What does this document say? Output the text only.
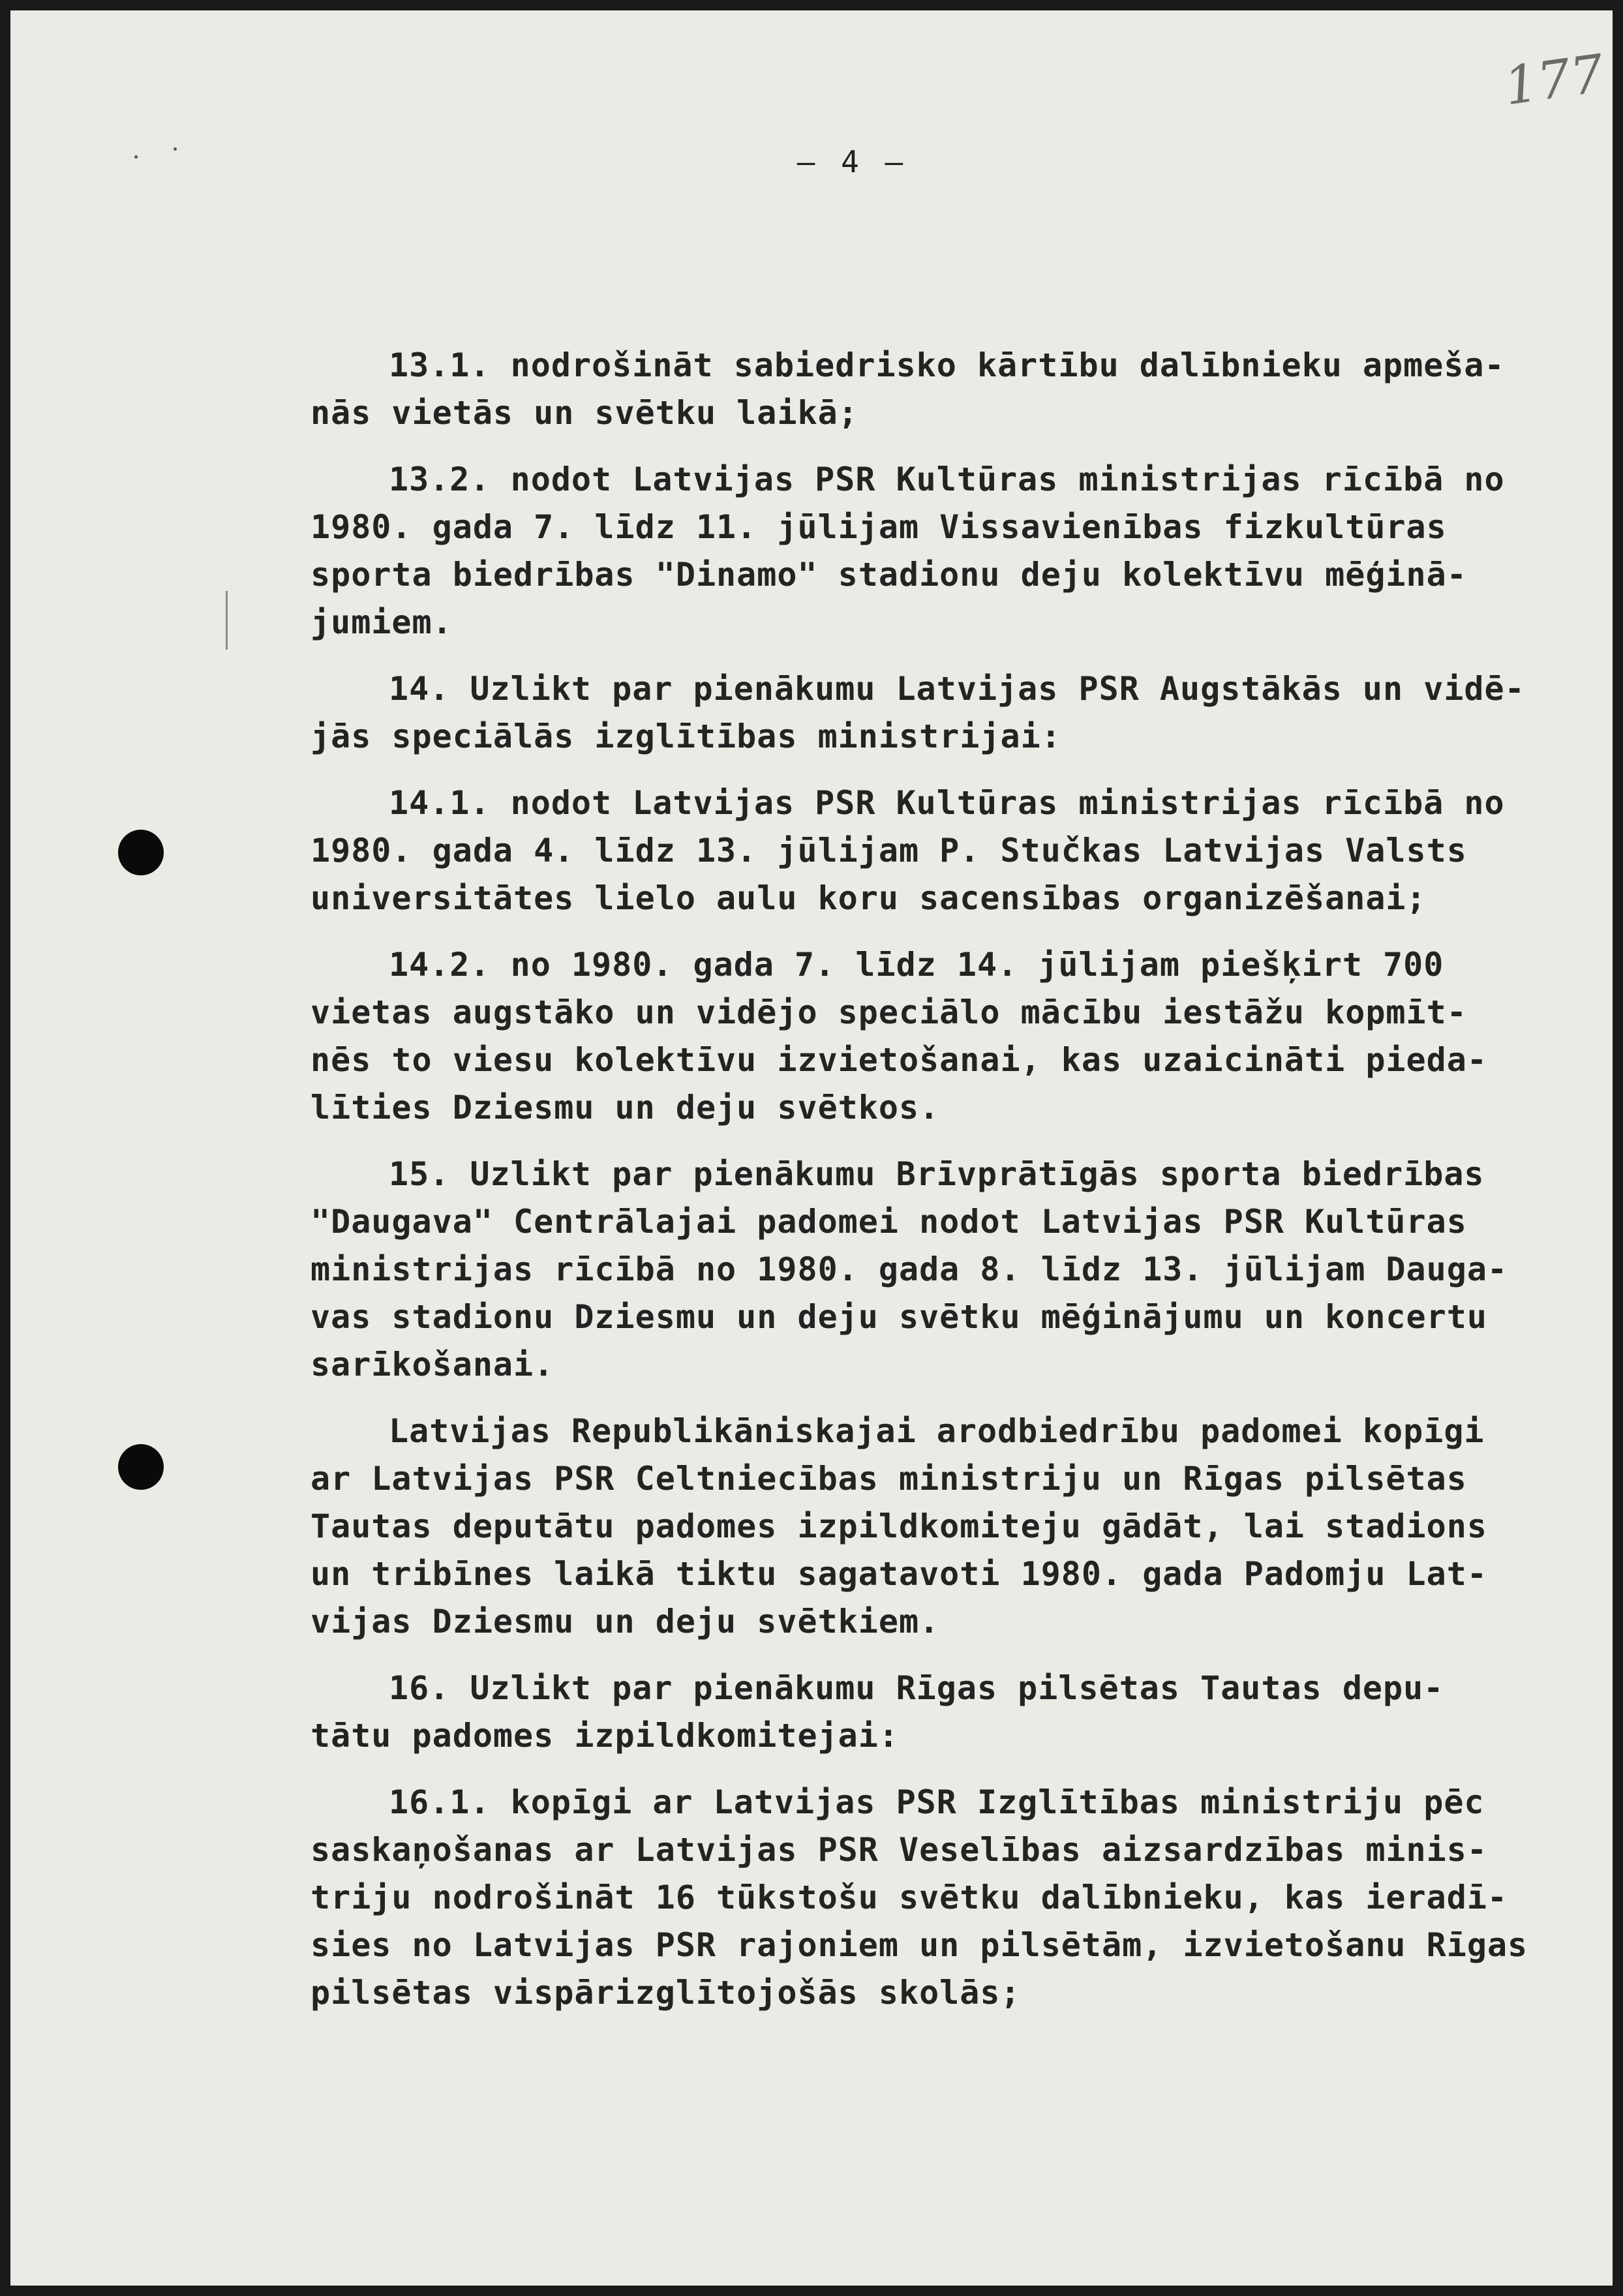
177
– 4 –
13.1. nodrošināt sabiedrisko kārtību dalībnieku apmeša-
nās vietās un svētku laikā;
13.2. nodot Latvijas PSR Kultūras ministrijas rīcībā no
1980. gada 7. līdz 11. jūlijam Vissavienības fizkultūras
sporta biedrības "Dinamo" stadionu deju kolektīvu mēģinā-
jumiem.
14. Uzlikt par pienākumu Latvijas PSR Augstākās un vidē-
jās speciālās izglītības ministrijai:
14.1. nodot Latvijas PSR Kultūras ministrijas rīcībā no
1980. gada 4. līdz 13. jūlijam P. Stučkas Latvijas Valsts
universitātes lielo aulu koru sacensības organizēšanai;
14.2. no 1980. gada 7. līdz 14. jūlijam piešķirt 700
vietas augstāko un vidējo speciālo mācību iestāžu kopmīt-
nēs to viesu kolektīvu izvietošanai, kas uzaicināti pieda-
līties Dziesmu un deju svētkos.
15. Uzlikt par pienākumu Brīvprātīgās sporta biedrības
"Daugava" Centrālajai padomei nodot Latvijas PSR Kultūras
ministrijas rīcībā no 1980. gada 8. līdz 13. jūlijam Dauga-
vas stadionu Dziesmu un deju svētku mēģinājumu un koncertu
sarīkošanai.
Latvijas Republikāniskajai arodbiedrību padomei kopīgi
ar Latvijas PSR Celtniecības ministriju un Rīgas pilsētas
Tautas deputātu padomes izpildkomiteju gādāt, lai stadions
un tribīnes laikā tiktu sagatavoti 1980. gada Padomju Lat-
vijas Dziesmu un deju svētkiem.
16. Uzlikt par pienākumu Rīgas pilsētas Tautas depu-
tātu padomes izpildkomitejai:
16.1. kopīgi ar Latvijas PSR Izglītības ministriju pēc
saskaņošanas ar Latvijas PSR Veselības aizsardzības minis-
triju nodrošināt 16 tūkstošu svētku dalībnieku, kas ieradī-
sies no Latvijas PSR rajoniem un pilsētām, izvietošanu Rīgas
pilsētas vispārizglītojošās skolās;
